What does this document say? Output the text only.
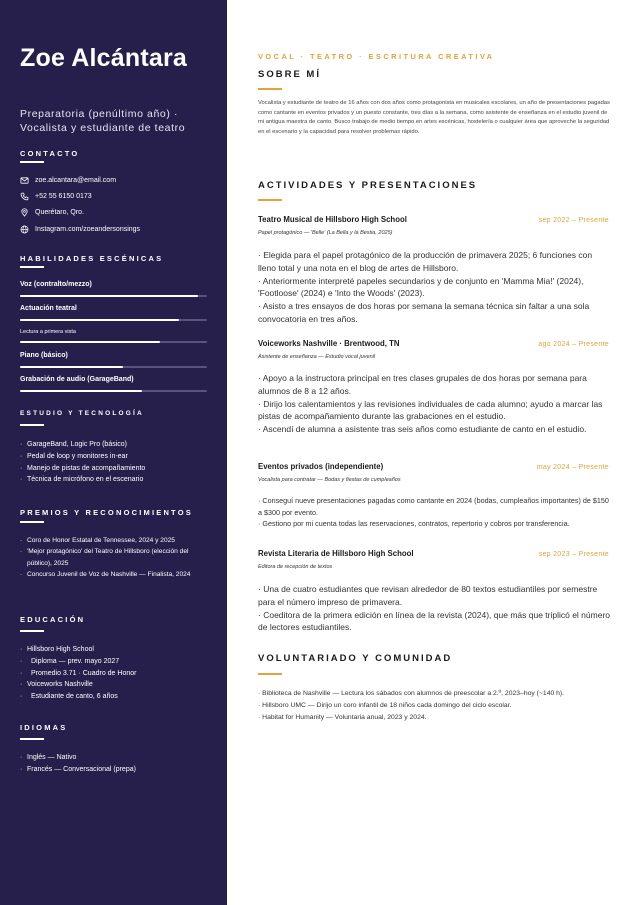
Zoe Alcántara
Preparatoria (penúltimo año) · Vocalista y estudiante de teatro
CONTACTO
zoe.alcantara@email.com
+52 55 6150 0173
Querétaro, Qro.
Instagram.com/zoeandersonsings
HABILIDADES ESCÉNICAS
Voz (contralto/mezzo)
Actuación teatral
Lectura a primera vista
Piano (básico)
Grabación de audio (GarageBand)
ESTUDIO Y TECNOLOGÍA
· GarageBand, Logic Pro (básico)
· Pedal de loop y monitores in-ear
· Manejo de pistas de acompañamiento
· Técnica de micrófono en el escenario
PREMIOS Y RECONOCIMIENTOS
· Coro de Honor Estatal de Tennessee, 2024 y 2025
· 'Mejor protagónico' del Teatro de Hillsboro (elección del público), 2025
· Concurso Juvenil de Voz de Nashville — Finalista, 2024
EDUCACIÓN
· Hillsboro High School
· Diploma — prev. mayo 2027
· Promedio 3.71 · Cuadro de Honor
· Voiceworks Nashville
· Estudiante de canto, 6 años
IDIOMAS
· Inglés — Nativo
· Francés — Conversacional (prepa)
VOCAL · TEATRO · ESCRITURA CREATIVA
SOBRE MÍ
Vocalista y estudiante de teatro de 16 años con dos años como protagonista en musicales escolares, un año de presentaciones pagadas como cantante en eventos privados y un puesto constante, tres días a la semana, como asistente de enseñanza en el estudio juvenil de mi antigua maestra de canto. Busco trabajo de medio tiempo en artes escénicas, hostelería o cualquier área que aproveche la seguridad en el escenario y la capacidad para resolver problemas rápido.
ACTIVIDADES Y PRESENTACIONES
Teatro Musical de Hillsboro High School	sep 2022 – Presente
Papel protagónico — 'Belle' (La Bella y la Bestia, 2025)
· Elegida para el papel protagónico de la producción de primavera 2025; 6 funciones con lleno total y una nota en el blog de artes de Hillsboro.
· Anteriormente interpreté papeles secundarios y de conjunto en 'Mamma Mia!' (2024), 'Footloose' (2024) e 'Into the Woods' (2023).
· Asisto a tres ensayos de dos horas por semana la semana técnica sin faltar a una sola convocatoria en tres años.
Voiceworks Nashville · Brentwood, TN	ago 2024 – Presente
Asistente de enseñanza — Estudio vocal juvenil
· Apoyo a la instructora principal en tres clases grupales de dos horas por semana para alumnos de 8 a 12 años.
· Dirijo los calentamientos y las revisiones individuales de cada alumno; ayudo a marcar las pistas de acompañamiento durante las grabaciones en el estudio.
· Ascendí de alumna a asistente tras seis años como estudiante de canto en el estudio.
Eventos privados (independiente)	may 2024 – Presente
Vocalista para contratar — Bodas y fiestas de cumpleaños
· Conseguí nueve presentaciones pagadas como cantante en 2024 (bodas, cumpleaños importantes) de $150 a $300 por evento.
· Gestiono por mi cuenta todas las reservaciones, contratos, repertorio y cobros por transferencia.
Revista Literaria de Hillsboro High School	sep 2023 – Presente
Editora de recepción de textos
· Una de cuatro estudiantes que revisan alrededor de 80 textos estudiantiles por semestre para el número impreso de primavera.
· Coeditora de la primera edición en línea de la revista (2024), que más que triplicó el número de lectores estudiantiles.
VOLUNTARIADO Y COMUNIDAD
· Biblioteca de Nashville — Lectura los sábados con alumnos de preescolar a 2.º, 2023–hoy (~140 h).
· Hillsboro UMC — Dirijo un coro infantil de 18 niños cada domingo del ciclo escolar.
· Habitat for Humanity — Voluntaria anual, 2023 y 2024.
